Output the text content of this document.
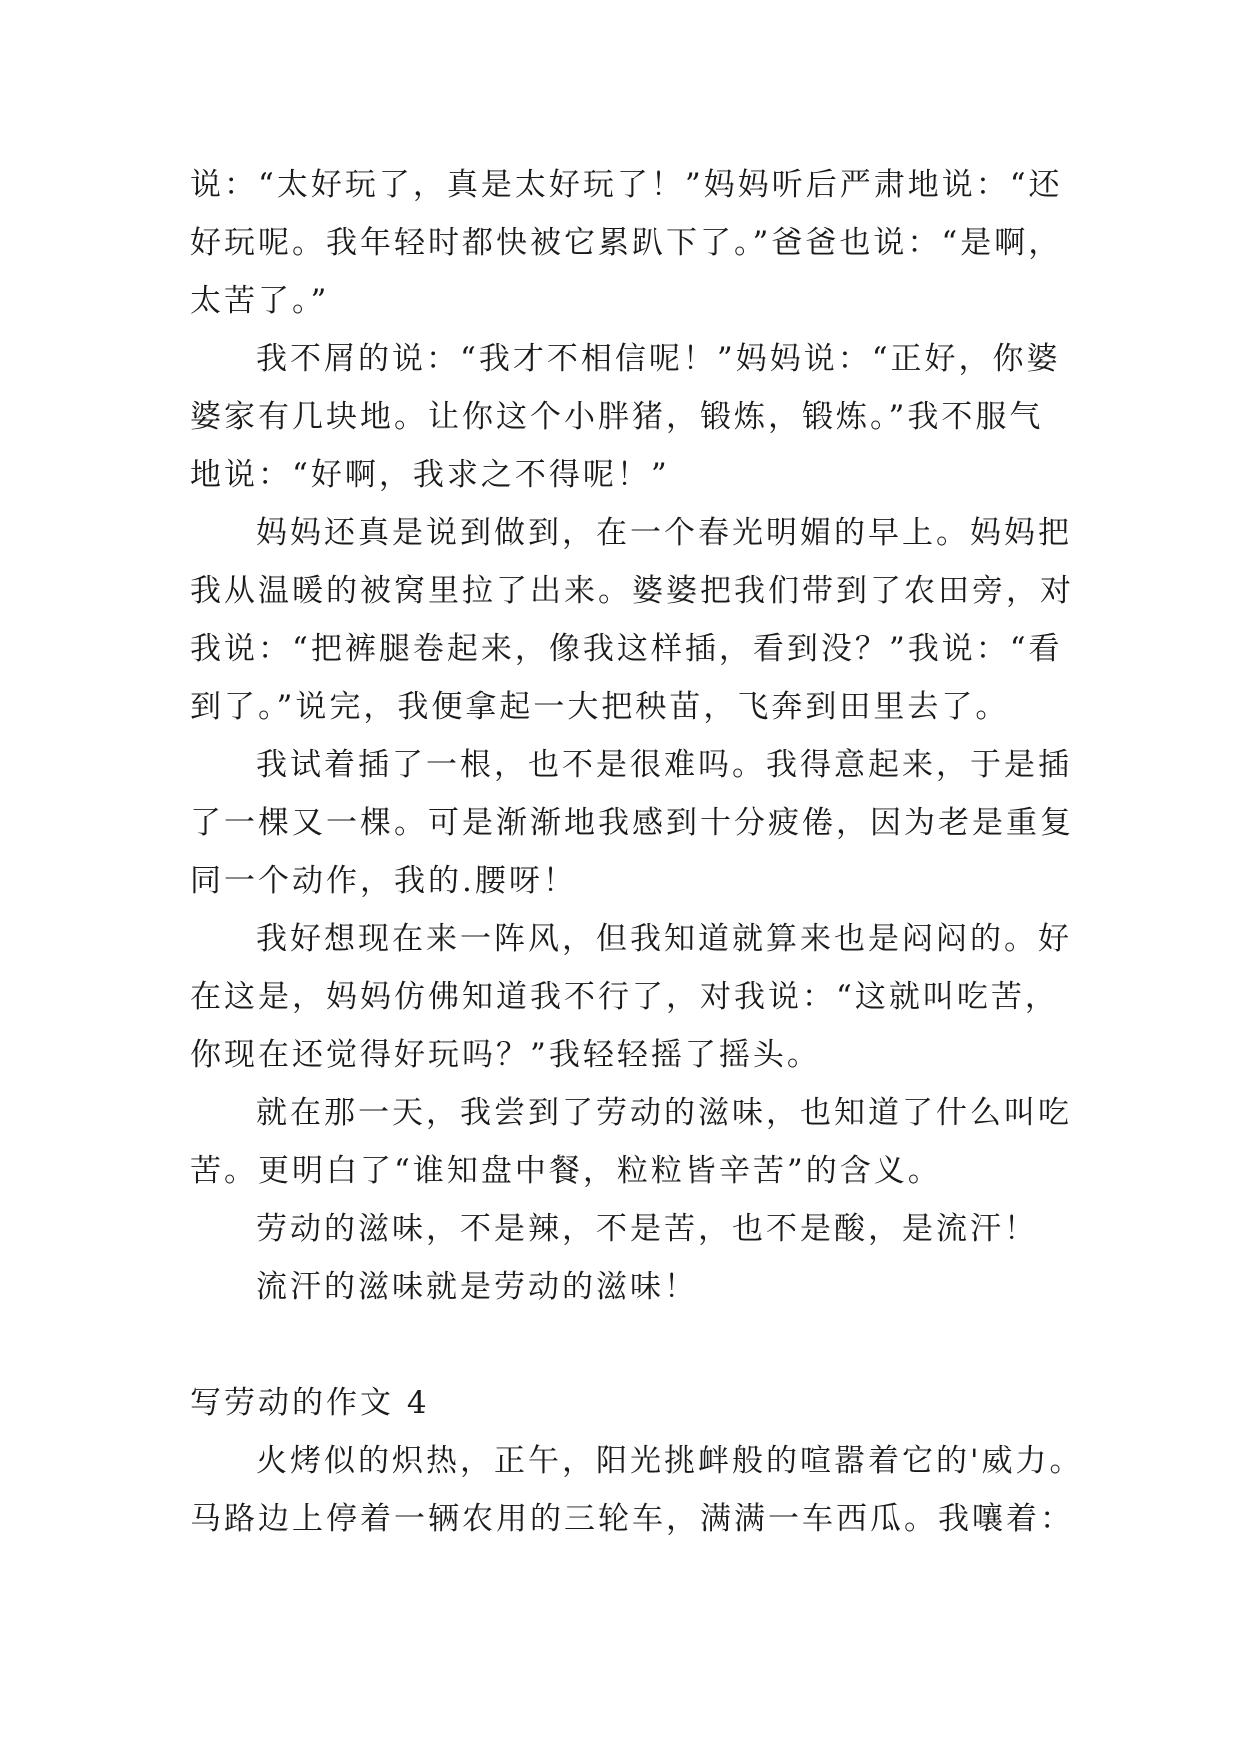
说：“太好玩了，真是太好玩了！”妈妈听后严肃地说：“还
好玩呢。我年轻时都快被它累趴下了。”爸爸也说：“是啊，
太苦了。”
我不屑的说：“我才不相信呢！”妈妈说：“正好，你婆
婆家有几块地。让你这个小胖猪，锻炼，锻炼。”我不服气
地说：“好啊，我求之不得呢！”
妈妈还真是说到做到，在一个春光明媚的早上。妈妈把
我从温暖的被窝里拉了出来。婆婆把我们带到了农田旁，对
我说：“把裤腿卷起来，像我这样插，看到没？”我说：“看
到了。”说完，我便拿起一大把秧苗，飞奔到田里去了。
我试着插了一根，也不是很难吗。我得意起来，于是插
了一棵又一棵。可是渐渐地我感到十分疲倦，因为老是重复
同一个动作，我的.腰呀！
我好想现在来一阵风，但我知道就算来也是闷闷的。好
在这是，妈妈仿佛知道我不行了，对我说：“这就叫吃苦，
你现在还觉得好玩吗？”我轻轻摇了摇头。
就在那一天，我尝到了劳动的滋味，也知道了什么叫吃
苦。更明白了“谁知盘中餐，粒粒皆辛苦”的含义。
劳动的滋味，不是辣，不是苦，也不是酸，是流汗！
流汗的滋味就是劳动的滋味！
写劳动的作文 4
火烤似的炽热，正午，阳光挑衅般的喧嚣着它的'威力。
马路边上停着一辆农用的三轮车，满满一车西瓜。我嚷着：
